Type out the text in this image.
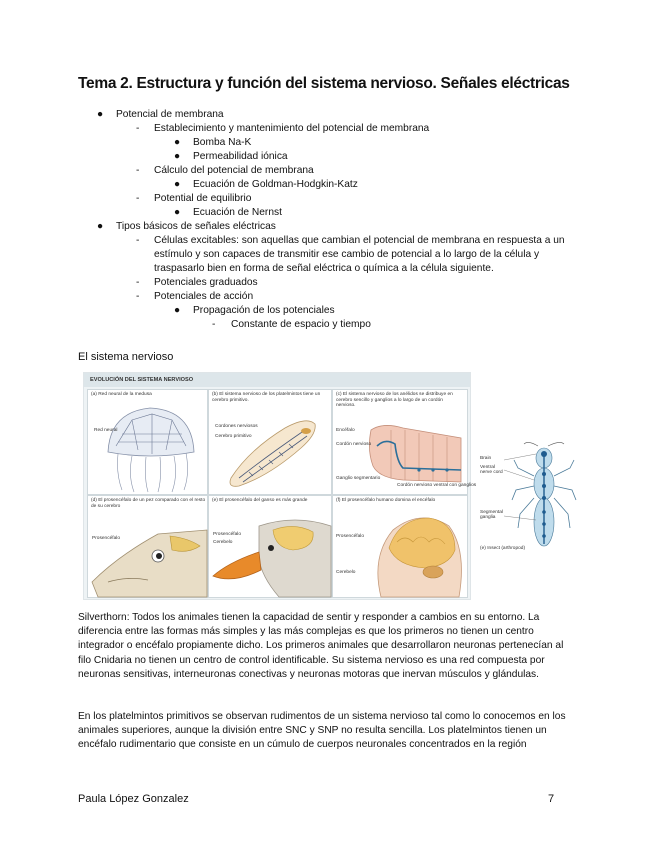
Tema 2. Estructura y función del sistema nervioso. Señales eléctricas
● Potencial de membrana
- Establecimiento y mantenimiento del potencial de membrana
● Bomba Na-K
● Permeabilidad iónica
- Cálculo del potencial de membrana
● Ecuación de Goldman-Hodgkin-Katz
- Potential de equilibrio
● Ecuación de Nernst
● Tipos básicos de señales eléctricas
- Células excitables: son aquellas que cambian el potencial de membrana en respuesta a un estímulo y son capaces de transmitir ese cambio de potencial a lo largo de la célula y traspasarlo bien en forma de señal eléctrica o química a la célula siguiente.
- Potenciales graduados
- Potenciales de acción
● Propagación de los potenciales
- Constante de espacio y tiempo
El sistema nervioso
EVOLUCIÓN DEL SISTEMA NERVIOSO
(a) Red neural de la medusa
Red neural
(b) El sistema nervioso de los platelmintos tiene un cerebro primitivo.
Cordones nerviosos
Cerebro primitivo
(c) El sistema nervioso de los anélidos se distribuye en cerebro sencillo y ganglios a lo largo de un cordón nervioso.
Encéfalo
Cordón nervioso
Ganglio segmentario
Cordón nervioso ventral con ganglios
(d) El prosencéfalo de un pez comparado con el resto de su cerebro
Prosencéfalo
(e) El prosencéfalo del ganso es más grande
Prosencéfalo
Cerebelo
(f) El prosencéfalo humano domina el encéfalo
Prosencéfalo
Cerebelo
Brain
Ventral nerve cord
Segmental ganglia
(e) Insect (arthropod)
Silverthorn: Todos los animales tienen la capacidad de sentir y responder a cambios en su entorno. La diferencia entre las formas más simples y las más complejas es que los primeros no tienen un centro integrador o encéfalo propiamente dicho. Los primeros animales que desarrollaron neuronas pertenecían al filo Cnidaria no tienen un centro de control identificable. Su sistema nervioso es una red compuesta por neuronas sensitivas, interneuronas conectivas y neuronas motoras que inervan músculos y glándulas.
En los platelmintos primitivos se observan rudimentos de un sistema nervioso tal como lo conocemos en los animales superiores, aunque la división entre SNC y SNP no resulta sencilla. Los platelmintos tienen un encéfalo rudimentario que consiste en un cúmulo de cuerpos neuronales concentrados en la región
Paula López Gonzalez	7
